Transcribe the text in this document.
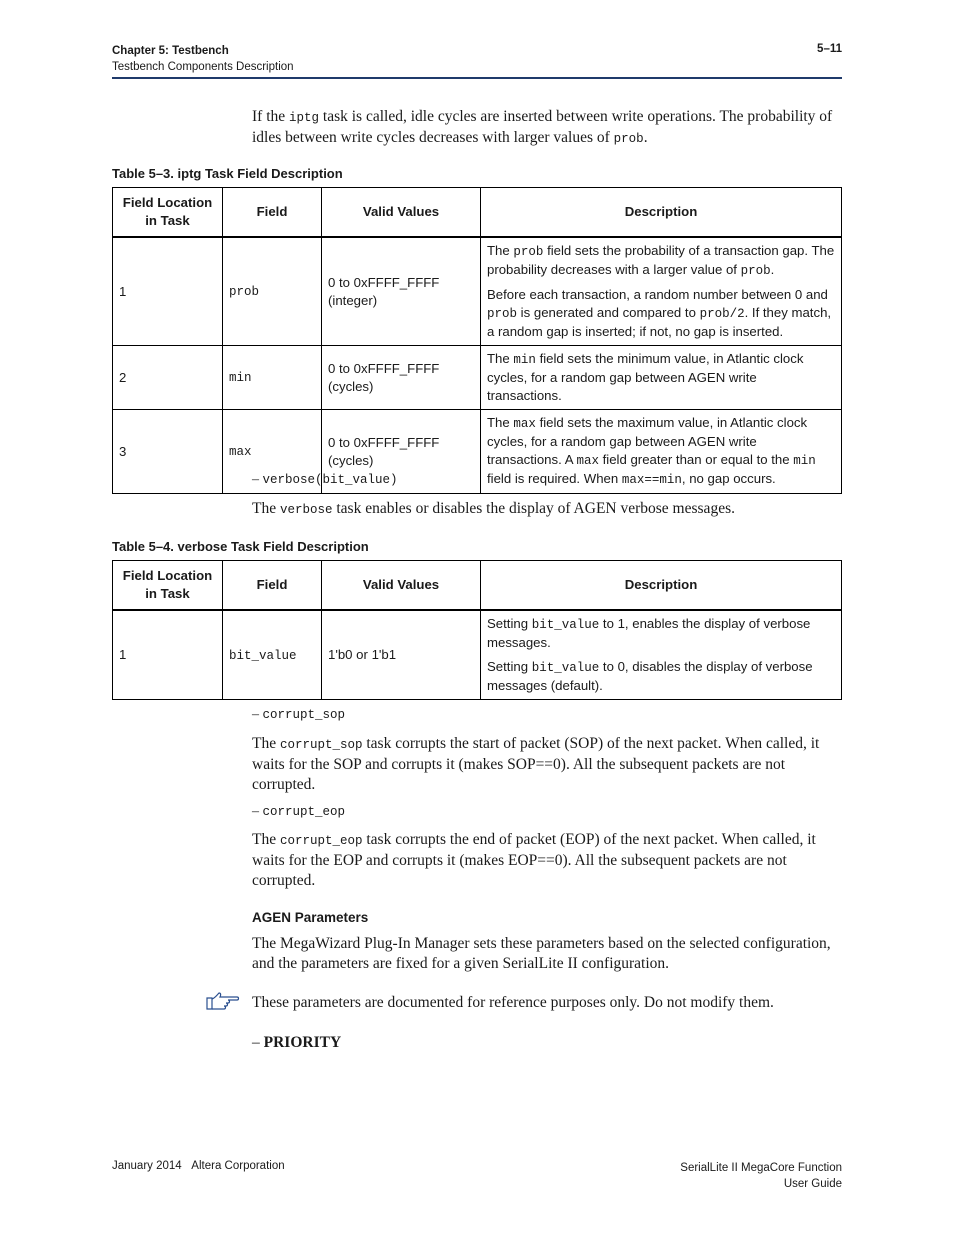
Chapter 5: Testbench
Testbench Components Description
5–11
If the iptg task is called, idle cycles are inserted between write operations. The probability of idles between write cycles decreases with larger values of prob.
Table 5–3. iptg Task Field Description
Field Location in Task	Field	Valid Values	Description
1	prob	0 to 0xFFFF_FFFF (integer)	The prob field sets the probability of a transaction gap. The probability decreases with a larger value of prob.

Before each transaction, a random number between 0 and prob is generated and compared to prob/2. If they match, a random gap is inserted; if not, no gap is inserted.

2	min	0 to 0xFFFF_FFFF (cycles)	The min field sets the minimum value, in Atlantic clock cycles, for a random gap between AGEN write transactions.
3	max	0 to 0xFFFF_FFFF (cycles)	The max field sets the maximum value, in Atlantic clock cycles, for a random gap between AGEN write transactions. A max field greater than or equal to the min field is required. When max==min, no gap occurs.
– verbose(bit_value)
The verbose task enables or disables the display of AGEN verbose messages.
Table 5–4. verbose Task Field Description
Field Location in Task	Field	Valid Values	Description
1	bit_value	1'b0 or 1'b1	Setting bit_value to 1, enables the display of verbose messages.

Setting bit_value to 0, disables the display of verbose messages (default).

– corrupt_sop
The corrupt_sop task corrupts the start of packet (SOP) of the next packet. When called, it waits for the SOP and corrupts it (makes SOP==0). All the subsequent packets are not corrupted.
– corrupt_eop
The corrupt_eop task corrupts the end of packet (EOP) of the next packet. When called, it waits for the EOP and corrupts it (makes EOP==0). All the subsequent packets are not corrupted.
AGEN Parameters
The MegaWizard Plug-In Manager sets these parameters based on the selected configuration, and the parameters are fixed for a given SerialLite II configuration.
These parameters are documented for reference purposes only. Do not modify them.
– PRIORITY
January 2014 Altera Corporation	SerialLite II MegaCore Function
User Guide
